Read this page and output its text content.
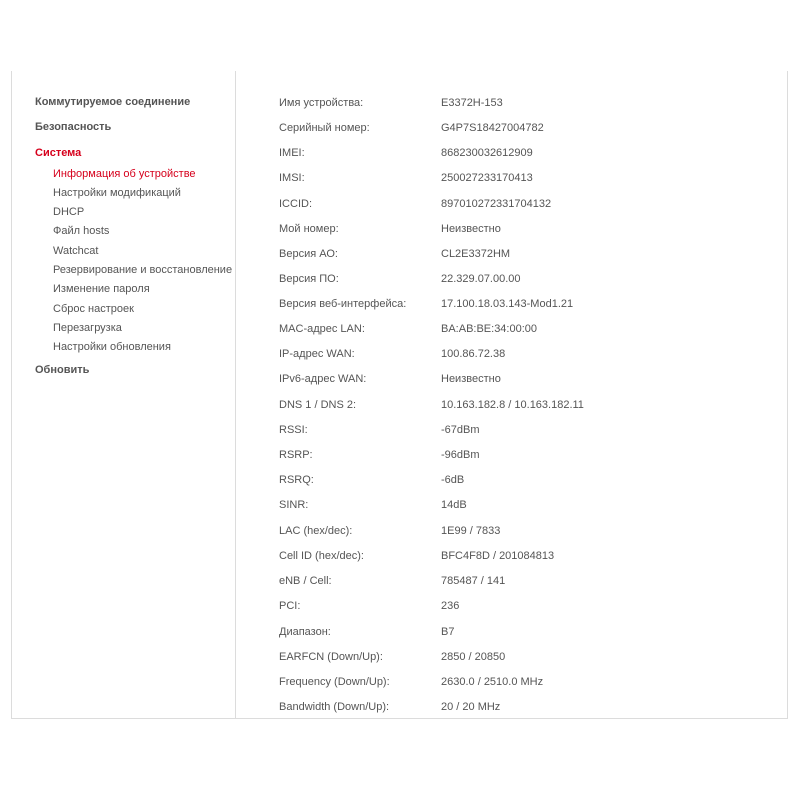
Коммутируемое соединение
Безопасность
Система
Информация об устройстве
Настройки модификаций
DHCP
Файл hosts
Watchcat
Резервирование и восстановление
Изменение пароля
Сброс настроек
Перезагрузка
Настройки обновления
Обновить
Имя устройства:	E3372H-153
Серийный номер:	G4P7S18427004782
IMEI:	868230032612909
IMSI:	250027233170413
ICCID:	897010272331704132
Мой номер:	Неизвестно
Версия АО:	CL2E3372HM
Версия ПО:	22.329.07.00.00
Версия веб-интерфейса:	17.100.18.03.143-Mod1.21
MAC-адрес LAN:	BA:AB:BE:34:00:00
IP-адрес WAN:	100.86.72.38
IPv6-адрес WAN:	Неизвестно
DNS 1 / DNS 2:	10.163.182.8 / 10.163.182.11
RSSI:	-67dBm
RSRP:	-96dBm
RSRQ:	-6dB
SINR:	14dB
LAC (hex/dec):	1E99 / 7833
Cell ID (hex/dec):	BFC4F8D / 201084813
eNB / Cell:	785487 / 141
PCI:	236
Диапазон:	B7
EARFCN (Down/Up):	2850 / 20850
Frequency (Down/Up):	2630.0 / 2510.0 MHz
Bandwidth (Down/Up):	20 / 20 MHz
